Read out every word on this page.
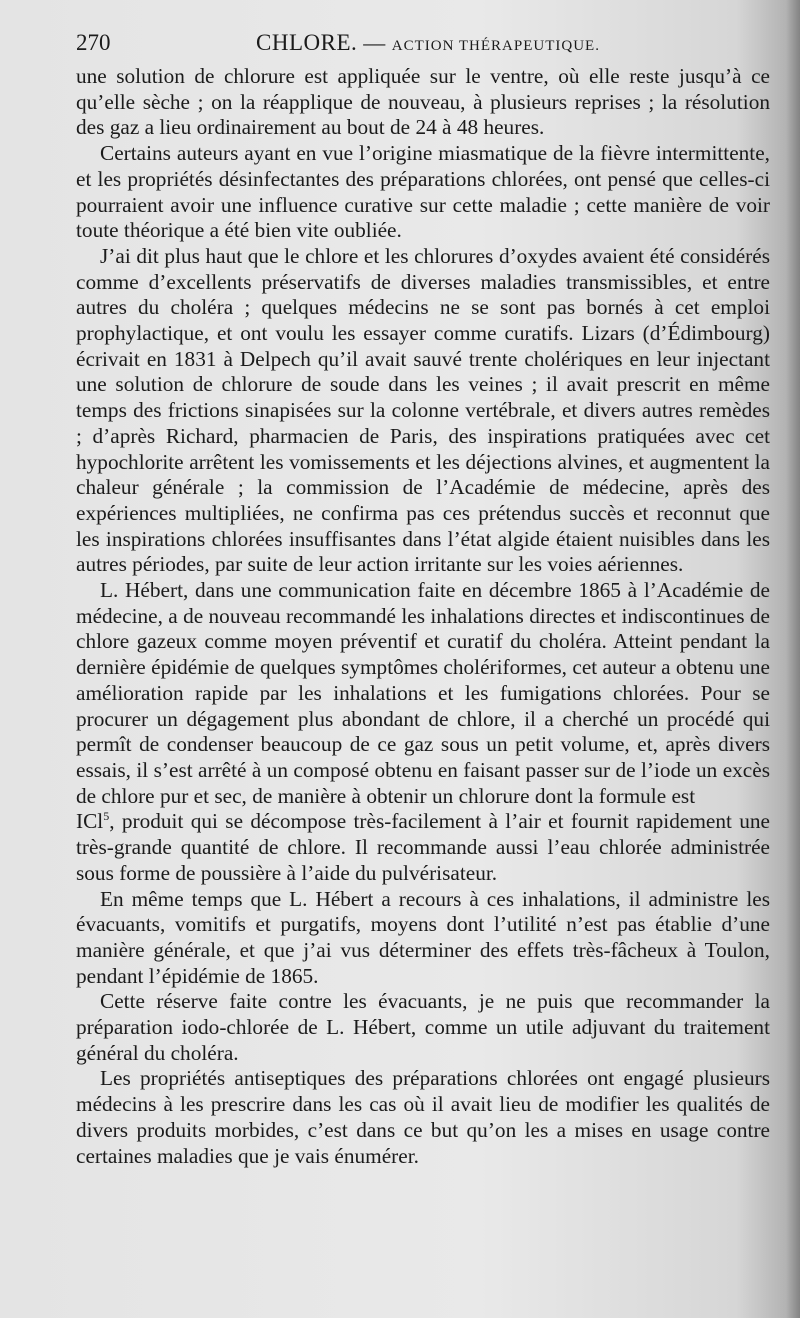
270	CHLORE. — ACTION THÉRAPEUTIQUE.

une solution de chlorure est appliquée sur le ventre, où elle reste jusqu’à ce qu’elle sèche ; on la réapplique de nouveau, à plusieurs reprises ; la résolution des gaz a lieu ordinairement au bout de 24 à 48 heures.

Certains auteurs ayant en vue l’origine miasmatique de la fièvre intermittente, et les propriétés désinfectantes des préparations chlorées, ont pensé que celles-ci pourraient avoir une influence curative sur cette maladie ; cette manière de voir toute théorique a été bien vite oubliée.

J’ai dit plus haut que le chlore et les chlorures d’oxydes avaient été considérés comme d’excellents préservatifs de diverses maladies transmissibles, et entre autres du choléra ; quelques médecins ne se sont pas bornés à cet emploi prophylactique, et ont voulu les essayer comme curatifs. Lizars (d’Édimbourg) écrivait en 1831 à Delpech qu’il avait sauvé trente cholériques en leur injectant une solution de chlorure de soude dans les veines ; il avait prescrit en même temps des frictions sinapisées sur la colonne vertébrale, et divers autres remèdes ; d’après Richard, pharmacien de Paris, des inspirations pratiquées avec cet hypochlorite arrêtent les vomissements et les déjections alvines, et augmentent la chaleur générale ; la commission de l’Académie de médecine, après des expériences multipliées, ne confirma pas ces prétendus succès et reconnut que les inspirations chlorées insuffisantes dans l’état algide étaient nuisibles dans les autres périodes, par suite de leur action irritante sur les voies aériennes.

L. Hébert, dans une communication faite en décembre 1865 à l’Académie de médecine, a de nouveau recommandé les inhalations directes et indiscontinues de chlore gazeux comme moyen préventif et curatif du choléra. Atteint pendant la dernière épidémie de quelques symptômes cholériformes, cet auteur a obtenu une amélioration rapide par les inhalations et les fumigations chlorées. Pour se procurer un dégagement plus abondant de chlore, il a cherché un procédé qui permît de condenser beaucoup de ce gaz sous un petit volume, et, après divers essais, il s’est arrêté à un composé obtenu en faisant passer sur de l’iode un excès de chlore pur et sec, de manière à obtenir un chlorure dont la formule est
ICl$^5$, produit qui se décompose très-facilement à l’air et fournit rapidement une très-grande quantité de chlore. Il recommande aussi l’eau chlorée administrée sous forme de poussière à l’aide du pulvérisateur.

En même temps que L. Hébert a recours à ces inhalations, il administre les évacuants, vomitifs et purgatifs, moyens dont l’utilité n’est pas établie d’une manière générale, et que j’ai vus déterminer des effets très-fâcheux à Toulon, pendant l’épidémie de 1865.

Cette réserve faite contre les évacuants, je ne puis que recommander la préparation iodo-chlorée de L. Hébert, comme un utile adjuvant du traitement général du choléra.

Les propriétés antiseptiques des préparations chlorées ont engagé plusieurs médecins à les prescrire dans les cas où il avait lieu de modifier les qualités de divers produits morbides, c’est dans ce but qu’on les a mises en usage contre certaines maladies que je vais énumérer.
